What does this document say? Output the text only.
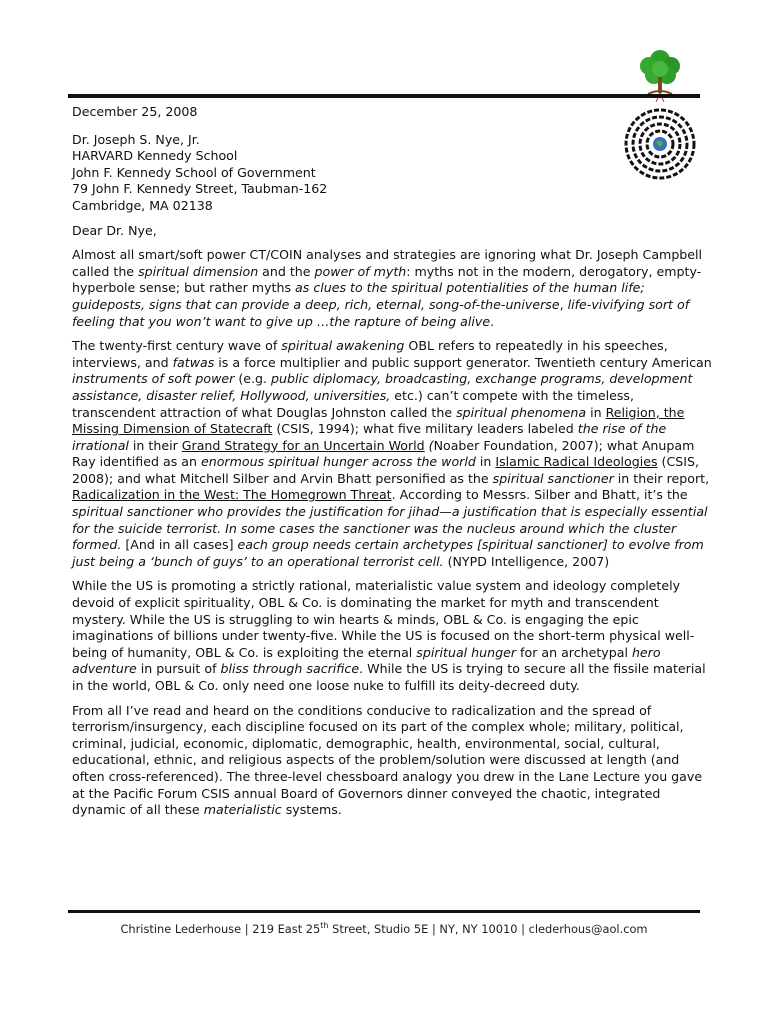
December 25, 2008

Dr. Joseph S. Nye, Jr.
HARVARD Kennedy School
John F. Kennedy School of Government
79 John F. Kennedy Street, Taubman-162
Cambridge, MA 02138

Dear Dr. Nye,

Almost all smart/soft power CT/COIN analyses and strategies are ignoring what Dr. Joseph Campbell called the spiritual dimension and the power of myth: myths not in the modern, derogatory, empty-hyperbole sense; but rather myths as clues to the spiritual potentialities of the human life; guideposts, signs that can provide a deep, rich, eternal, song-of-the-universe, life-vivifying sort of feeling that you won’t want to give up …the rapture of being alive.

The twenty-first century wave of spiritual awakening OBL refers to repeatedly in his speeches, interviews, and fatwas is a force multiplier and public support generator. Twentieth century American instruments of soft power (e.g. public diplomacy, broadcasting, exchange programs, development assistance, disaster relief, Hollywood, universities, etc.) can’t compete with the timeless, transcendent attraction of what Douglas Johnston called the spiritual phenomena in Religion, the Missing Dimension of Statecraft (CSIS, 1994); what five military leaders labeled the rise of the irrational in their Grand Strategy for an Uncertain World (Noaber Foundation, 2007); what Anupam Ray identified as an enormous spiritual hunger across the world in Islamic Radical Ideologies (CSIS, 2008); and what Mitchell Silber and Arvin Bhatt personified as the spiritual sanctioner in their report, Radicalization in the West: The Homegrown Threat. According to Messrs. Silber and Bhatt, it’s the spiritual sanctioner who provides the justification for jihad—a justification that is especially essential for the suicide terrorist. In some cases the sanctioner was the nucleus around which the cluster formed. [And in all cases] each group needs certain archetypes [spiritual sanctioner] to evolve from just being a ‘bunch of guys’ to an operational terrorist cell. (NYPD Intelligence, 2007)

While the US is promoting a strictly rational, materialistic value system and ideology completely devoid of explicit spirituality, OBL & Co. is dominating the market for myth and transcendent mystery. While the US is struggling to win hearts & minds, OBL & Co. is engaging the epic imaginations of billions under twenty-five. While the US is focused on the short-term physical well-being of humanity, OBL & Co. is exploiting the eternal spiritual hunger for an archetypal hero adventure in pursuit of bliss through sacrifice. While the US is trying to secure all the fissile material in the world, OBL & Co. only need one loose nuke to fulfill its deity-decreed duty.

From all I’ve read and heard on the conditions conducive to radicalization and the spread of terrorism/insurgency, each discipline focused on its part of the complex whole; military, political, criminal, judicial, economic, diplomatic, demographic, health, environmental, social, cultural, educational, ethnic, and religious aspects of the problem/solution were discussed at length (and often cross-referenced). The three-level chessboard analogy you drew in the Lane Lecture you gave at the Pacific Forum CSIS annual Board of Governors dinner conveyed the chaotic, integrated dynamic of all these materialistic systems.

Christine Lederhouse | 219 East 25th Street, Studio 5E | NY, NY 10010 | clederhous@aol.com
